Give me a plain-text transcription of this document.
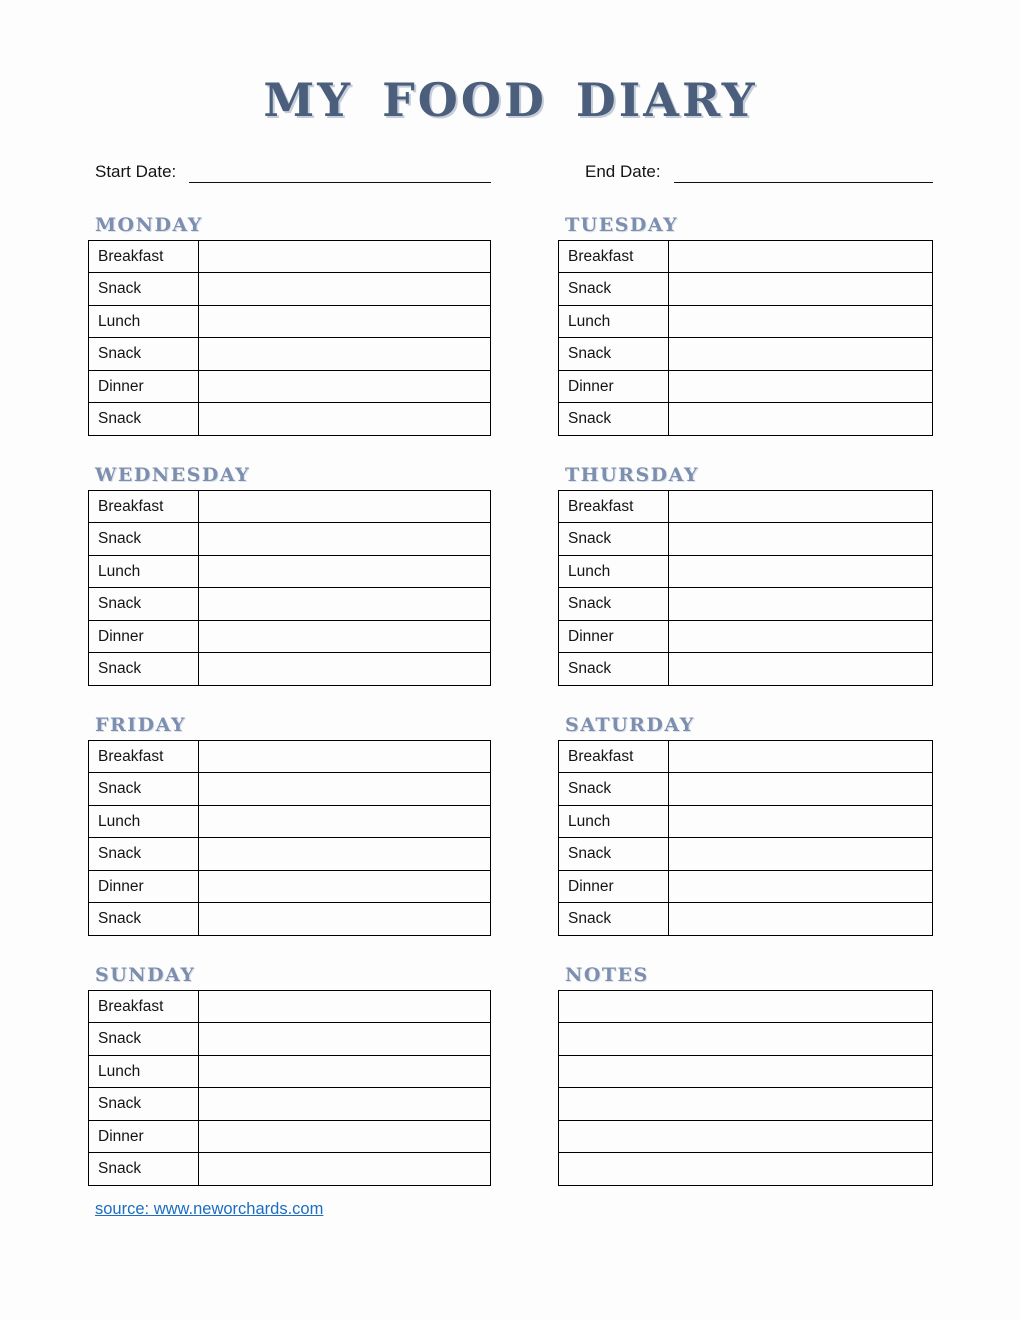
MY FOOD DIARY
Start Date:	End Date:
MONDAY
Breakfast	
Snack	
Lunch	
Snack	
Dinner	
Snack	
TUESDAY
Breakfast	
Snack	
Lunch	
Snack	
Dinner	
Snack	
WEDNESDAY
Breakfast	
Snack	
Lunch	
Snack	
Dinner	
Snack	
THURSDAY
Breakfast	
Snack	
Lunch	
Snack	
Dinner	
Snack	
FRIDAY
Breakfast	
Snack	
Lunch	
Snack	
Dinner	
Snack	
SATURDAY
Breakfast	
Snack	
Lunch	
Snack	
Dinner	
Snack	
SUNDAY
Breakfast	
Snack	
Lunch	
Snack	
Dinner	
Snack	
NOTES

source: www.neworchards.com
